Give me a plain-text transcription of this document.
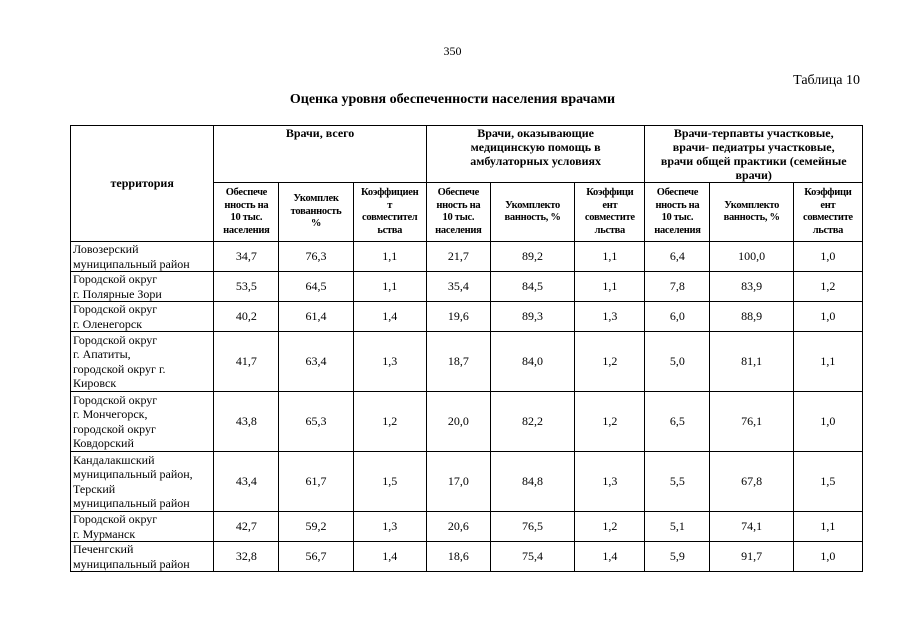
350
Таблица 10
Оценка уровня обеспеченности населения врачами
территория	Врачи, всего			Врачи, оказывающие
медицинскую помощь в
амбулаторных условиях			Врачи-терпавты участковые,
врачи- педиатры участковые,
врачи общей практики (семейные
врачи)		

	Обеспече
нность на
10 тыс.
населения	Укомплек
тованность
%	Коэффициен
т
совместител
ьства	Обеспече
нность на
10 тыс.
населения	Укомплекто
ванность, %	Коэффици
ент
совместите
льства	Обеспече
нность на
10 тыс.
населения	Укомплекто
ванность, %	Коэффици
ент
совместите
льства

Ловозерский
муниципальный район	34,7	76,3	1,1	21,7	89,2	1,1	6,4	100,0	1,0

Городской округ
г. Полярные Зори	53,5	64,5	1,1	35,4	84,5	1,1	7,8	83,9	1,2

Городской округ
г. Оленегорск	40,2	61,4	1,4	19,6	89,3	1,3	6,0	88,9	1,0

Городской округ
г. Апатиты,
городской округ г.
Кировск	41,7	63,4	1,3	18,7	84,0	1,2	5,0	81,1	1,1

Городской округ
г. Мончегорск,
городской округ
Ковдорский	43,8	65,3	1,2	20,0	82,2	1,2	6,5	76,1	1,0

Кандалакшский
муниципальный район,
Терский
муниципальный район	43,4	61,7	1,5	17,0	84,8	1,3	5,5	67,8	1,5

Городской округ
г. Мурманск	42,7	59,2	1,3	20,6	76,5	1,2	5,1	74,1	1,1

Печенгский
муниципальный район	32,8	56,7	1,4	18,6	75,4	1,4	5,9	91,7	1,0
